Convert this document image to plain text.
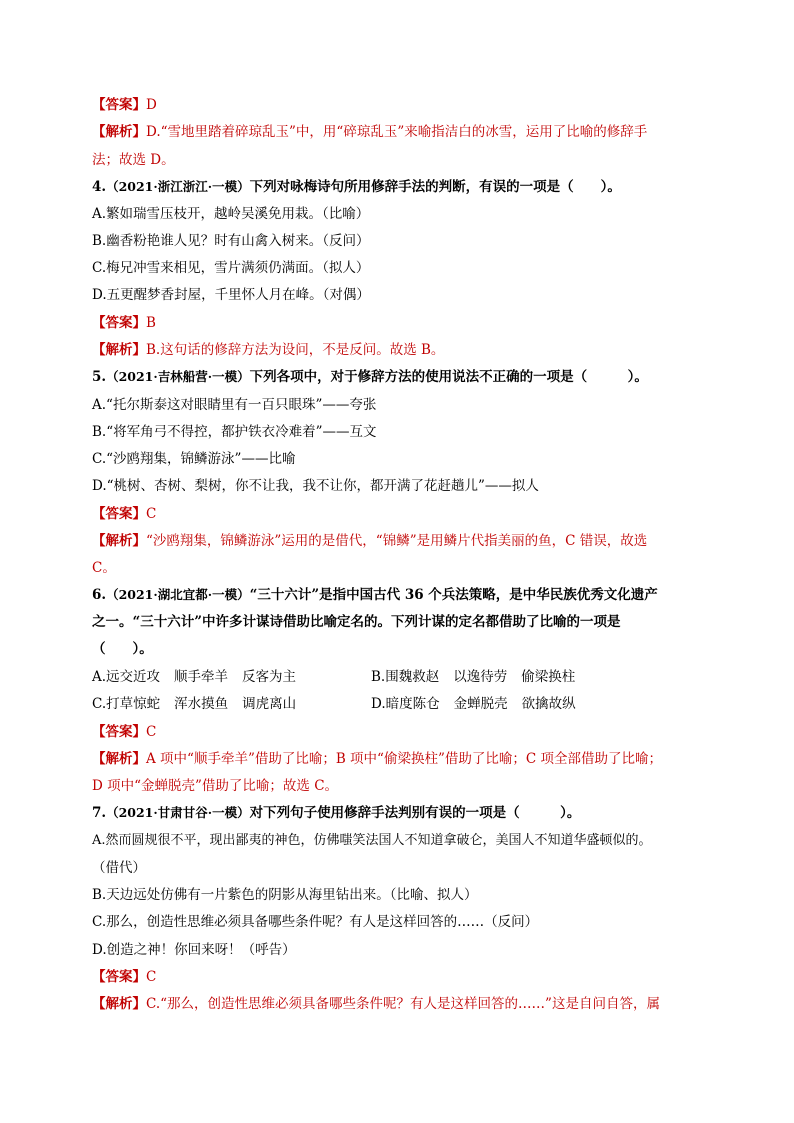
【答案】D
【解析】D.“雪地里踏着碎琼乱玉”中，用“碎琼乱玉”来喻指洁白的冰雪，运用了比喻的修辞手
法；故选 D。
4.（2021·浙江浙江·一模）下列对咏梅诗句所用修辞手法的判断，有误的一项是（　　）。
A.繁如瑞雪压枝开，越岭吴溪免用栽。（比喻）
B.幽香粉艳谁人见？时有山禽入树来。（反问）
C.梅兄冲雪来相见，雪片满须仍满面。（拟人）
D.五更醒梦香封屋，千里怀人月在峰。（对偶）
【答案】B
【解析】B.这句话的修辞方法为设问，不是反问。故选 B。
5.（2021·吉林船营·一模）下列各项中，对于修辞方法的使用说法不正确的一项是（　　　）。
A.“托尔斯泰这对眼睛里有一百只眼珠”——夸张
B.“将军角弓不得控，都护铁衣冷难着”——互文
C.“沙鸥翔集，锦鳞游泳”——比喻
D.“桃树、杏树、梨树，你不让我，我不让你，都开满了花赶趟儿”——拟人
【答案】C
【解析】“沙鸥翔集，锦鳞游泳”运用的是借代，“锦鳞”是用鳞片代指美丽的鱼，C 错误，故选
C。
6.（2021·湖北宜都·一模）“三十六计”是指中国古代 36 个兵法策略，是中华民族优秀文化遗产
之一。“三十六计”中许多计谋诗借助比喻定名的。下列计谋的定名都借助了比喻的一项是
（　　）。
A.远交近攻 顺手牵羊 反客为主	B.围魏救赵 以逸待劳 偷梁换柱
C.打草惊蛇 浑水摸鱼 调虎离山	D.暗度陈仓 金蝉脱壳 欲擒故纵
【答案】C
【解析】A 项中“顺手牵羊”借助了比喻；B 项中“偷梁换柱”借助了比喻；C 项全部借助了比喻；
D 项中“金蝉脱壳”借助了比喻；故选 C。
7.（2021·甘肃甘谷·一模）对下列句子使用修辞手法判别有误的一项是（　　　）。
A.然而圆规很不平，现出鄙夷的神色，仿佛嗤笑法国人不知道拿破仑，美国人不知道华盛顿似的。
（借代）
B.天边远处仿佛有一片紫色的阴影从海里钻出来。（比喻、拟人）
C.那么，创造性思维必须具备哪些条件呢？有人是这样回答的……（反问）
D.创造之神！你回来呀！（呼告）
【答案】C
【解析】C.“那么，创造性思维必须具备哪些条件呢？有人是这样回答的……”这是自问自答，属
